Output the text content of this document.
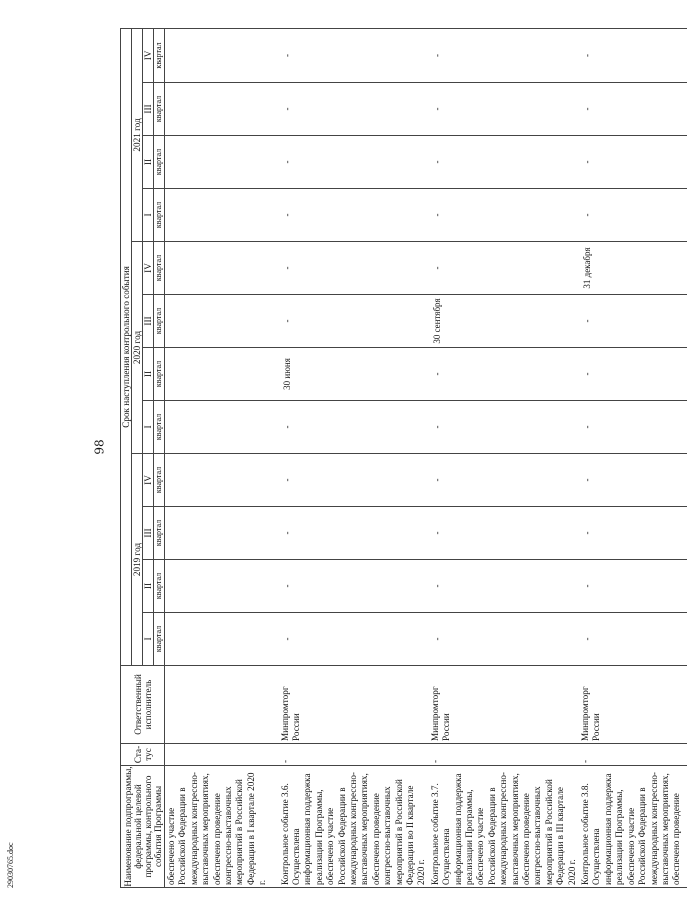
98
Наименование подпрограммы, федеральной целевой программы, контрольного события Программы	Ста-тус	Ответственный исполнитель	Срок наступления контрольного события											
			2019 год				2020 год				2021 год			
			I	II	III	IV	I	II	III	IV	I	II	III	IV
			квартал	квартал	квартал	квартал	квартал	квартал	квартал	квартал	квартал	квартал	квартал	квартал
обеспечено участие Российской Федерации в международных конгрессно-выставочных мероприятиях, обеспечено проведение конгрессно-выставочных мероприятий в Российской Федерации в I квартале 2020 г.														
Контрольное событие 3.6. Осуществлена информационная поддержка реализации Программы, обеспечено участие Российской Федерации в международных конгрессно-выставочных мероприятиях, обеспечено проведение конгрессно-выставочных мероприятий в Российской Федерации во II квартале 2020 г.	-	Минпромторг России	-	-	-	-	-	30 июня	-	-	-	-	-	-
Контрольное событие 3.7. Осуществлена информационная поддержка реализации Программы, обеспечено участие Российской Федерации в международных конгрессно-выставочных мероприятиях, обеспечено проведение конгрессно-выставочных мероприятий в Российской Федерации в III квартале 2020 г.	-	Минпромторг России	-	-	-	-	-	-	30 сентября	-	-	-	-	-
Контрольное событие 3.8. Осуществлена информационная поддержка реализации Программы, обеспечено участие Российской Федерации в международных конгрессно-выставочных мероприятиях, обеспечено проведение	-	Минпромторг России	-	-	-	-	-	-	-	31 декабря	-	-	-	-
29030765.doc
